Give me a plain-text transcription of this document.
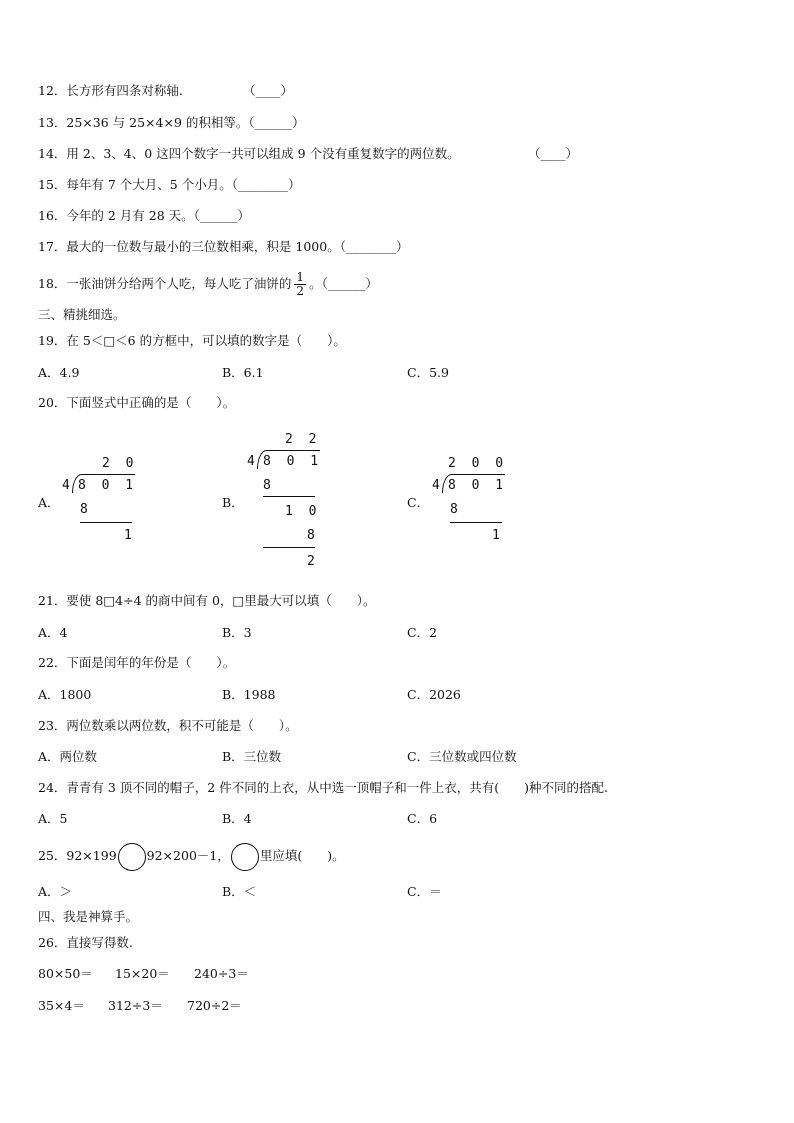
12．长方形有四条对称轴.	（____）
13．25×36 与 25×4×9 的积相等。（______）
14．用 2、3、4、0 这四个数字一共可以组成 9 个没有重复数字的两位数。	（____）
15．每年有 7 个大月、5 个小月。（________）
16．今年的 2 月有 28 天。（______）
17．最大的一位数与最小的三位数相乘，积是 1000。（________）
18．一张油饼分给两个人吃，每人吃了油饼的 $\frac{1}{2}$ 。（______）
三、精挑细选。
19．在 5＜□＜6 的方框中，可以填的数字是（　　）。
A．4.9	B．6.1	C．5.9
20．下面竖式中正确的是（　　）。
A．	B．	C．
2 0
4 8 0 1
8
1
2 2
4 8 0 1
8
1 0
8
2
2 0 0
4 8 0 1
8
1
21．要使 8□4÷4 的商中间有 0，□里最大可以填（　　）。
A．4	B．3	C．2
22．下面是闰年的年份是（　　）。
A．1800	B．1988	C．2026
23．两位数乘以两位数，积不可能是（　　）。
A．两位数	B．三位数	C．三位数或四位数
24．青青有 3 顶不同的帽子，2 件不同的上衣，从中选一顶帽子和一件上衣，共有(　　)种不同的搭配.
A．5	B．4	C．6
25．92×199 92×200－1， 里应填(　　)。
A．＞	B．＜	C．＝
四、我是神算手。
26．直接写得数.
80×50＝ 15×20＝ 240÷3＝
35×4＝ 312÷3＝ 720÷2＝
